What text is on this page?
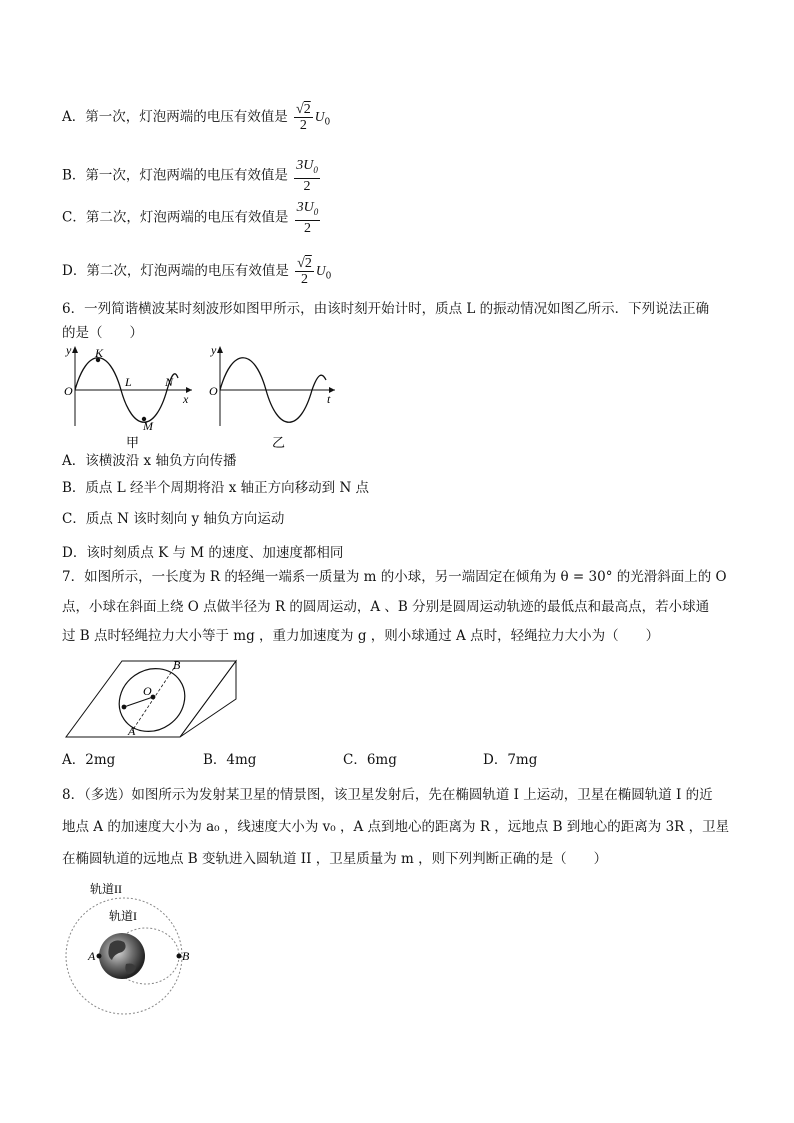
A．第一次，灯泡两端的电压有效值是 $\frac{√2}{2} U_0$
B．第一次，灯泡两端的电压有效值是 $\frac{3U_0}{2}$
C．第二次，灯泡两端的电压有效值是 $\frac{3U_0}{2}$
D．第二次，灯泡两端的电压有效值是 $\frac{√2}{2} U_0$
6．一列简谐横波某时刻波形如图甲所示，由该时刻开始计时，质点 L 的振动情况如图乙所示．下列说法正确
的是（　　）
y
O
K
L
M
N
x
甲
y
O
t
乙
A．该横波沿 x 轴负方向传播
B．质点 L 经半个周期将沿 x 轴正方向移动到 N 点
C．质点 N 该时刻向 y 轴负方向运动
D．该时刻质点 K 与 M 的速度、加速度都相同
7．如图所示，一长度为 R 的轻绳一端系一质量为 m 的小球，另一端固定在倾角为 θ = 30° 的光滑斜面上的 O
点，小球在斜面上绕 O 点做半径为 R 的圆周运动，A 、B 分别是圆周运动轨迹的最低点和最高点，若小球通
过 B 点时轻绳拉力大小等于 mg ，重力加速度为 g ，则小球通过 A 点时，轻绳拉力大小为（　　）
O
B
A
A．2mg	B．4mg	C．6mg	D．7mg
8．（多选）如图所示为发射某卫星的情景图，该卫星发射后，先在椭圆轨道 I 上运动，卫星在椭圆轨道 I 的近
地点 A 的加速度大小为 a₀ ，线速度大小为 v₀ ，A 点到地心的距离为 R ，远地点 B 到地心的距离为 3R ，卫星
在椭圆轨道的远地点 B 变轨进入圆轨道 II ，卫星质量为 m ，则下列判断正确的是（　　）
A	B
轨道II
轨道I
